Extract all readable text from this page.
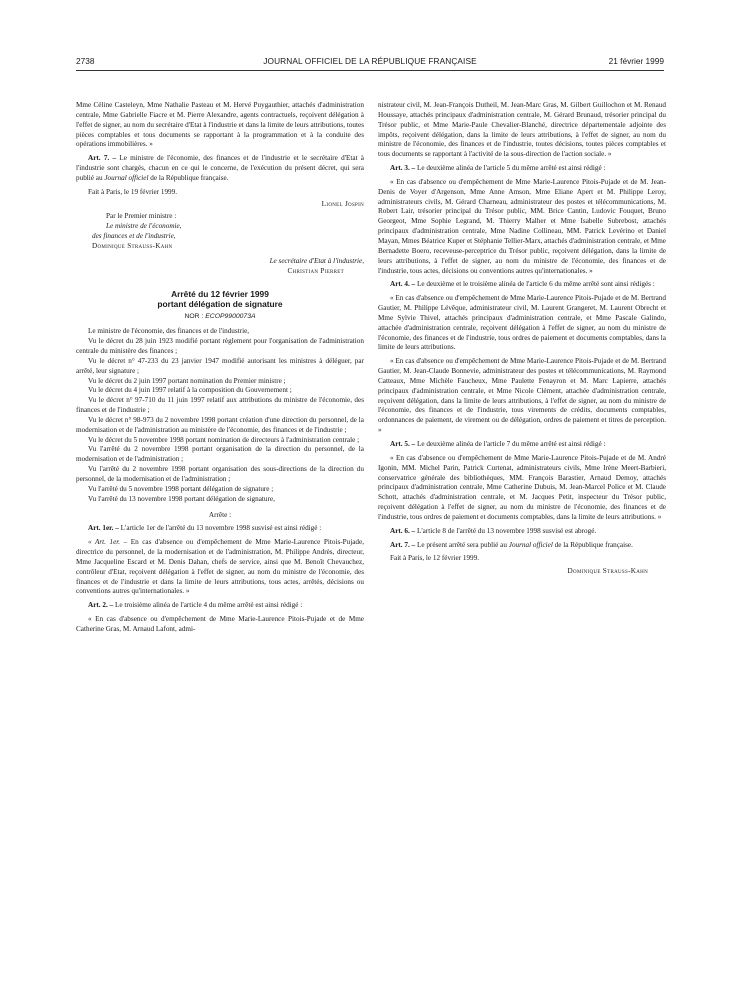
2738	JOURNAL OFFICIEL DE LA RÉPUBLIQUE FRANÇAISE	21 février 1999

Mme Céline Casteleyn, Mme Nathalie Pasteau et M. Hervé Puygauthier, attachés d'administration centrale, Mme Gabrielle Fiacre et M. Pierre Alexandre, agents contractuels, reçoivent délégation à l'effet de signer, au nom du secrétaire d'Etat à l'industrie et dans la limite de leurs attributions, toutes pièces comptables et tous documents se rapportant à la programmation et à la conduite des opérations immobilières. »

Art. 7. – Le ministre de l'économie, des finances et de l'industrie et le secrétaire d'Etat à l'industrie sont chargés, chacun en ce qui le concerne, de l'exécution du présent décret, qui sera publié au Journal officiel de la République française.

Fait à Paris, le 19 février 1999.

Lionel Jospin

Par le Premier ministre :

Le ministre de l'économie,

des finances et de l'industrie,

Dominique Strauss-Kahn

Le secrétaire d'Etat à l'industrie,

Christian Pierret

Arrêté du 12 février 1999
portant délégation de signature
NOR : ECOP9900073A

Le ministre de l'économie, des finances et de l'industrie,

Vu le décret du 28 juin 1923 modifié portant règlement pour l'organisation de l'administration centrale du ministère des finances ;

Vu le décret n° 47-233 du 23 janvier 1947 modifié autorisant les ministres à déléguer, par arrêté, leur signature ;

Vu le décret du 2 juin 1997 portant nomination du Premier ministre ;

Vu le décret du 4 juin 1997 relatif à la composition du Gouvernement ;

Vu le décret n° 97-710 du 11 juin 1997 relatif aux attributions du ministre de l'économie, des finances et de l'industrie ;

Vu le décret n° 98-973 du 2 novembre 1998 portant création d'une direction du personnel, de la modernisation et de l'administration au ministère de l'économie, des finances et de l'industrie ;

Vu le décret du 5 novembre 1998 portant nomination de directeurs à l'administration centrale ;

Vu l'arrêté du 2 novembre 1998 portant organisation de la direction du personnel, de la modernisation et de l'administration ;

Vu l'arrêté du 2 novembre 1998 portant organisation des sous-directions de la direction du personnel, de la modernisation et de l'administration ;

Vu l'arrêté du 5 novembre 1998 portant délégation de signature ;

Vu l'arrêté du 13 novembre 1998 portant délégation de signature,

Arrête :

Art. 1er. – L'article 1er de l'arrêté du 13 novembre 1998 susvisé est ainsi rédigé :

« Art. 1er. – En cas d'absence ou d'empêchement de Mme Marie-Laurence Pitois-Pujade, directrice du personnel, de la modernisation et de l'administration, M. Philippe Andrès, directeur, Mme Jacqueline Escard et M. Denis Dahan, chefs de service, ainsi que M. Benoît Chevauchez, contrôleur d'Etat, reçoivent délégation à l'effet de signer, au nom du ministre de l'économie, des finances et de l'industrie et dans la limite de leurs attributions, tous actes, arrêtés, décisions ou conventions autres qu'internationales. »

Art. 2. – Le troisième alinéa de l'article 4 du même arrêté est ainsi rédigé :

« En cas d'absence ou d'empêchement de Mme Marie-Laurence Pitois-Pujade et de Mme Catherine Gras, M. Arnaud Lafont, admi-

nistrateur civil, M. Jean-François Dutheil, M. Jean-Marc Gras, M. Gilbert Guillochon et M. Renaud Houssaye, attachés principaux d'administration centrale, M. Gérard Brunaud, trésorier principal du Trésor public, et Mme Marie-Paule Chevalier-Blanché, directrice départementale adjointe des impôts, reçoivent délégation, dans la limite de leurs attributions, à l'effet de signer, au nom du ministre de l'économie, des finances et de l'industrie, toutes décisions, toutes pièces comptables et tous documents se rapportant à l'activité de la sous-direction de l'action sociale. »

Art. 3. – Le deuxième alinéa de l'article 5 du même arrêté est ainsi rédigé :

« En cas d'absence ou d'empêchement de Mme Marie-Laurence Pitois-Pujade et de M. Jean-Denis de Voyer d'Argenson, Mme Anne Amson, Mme Eliane Apert et M. Philippe Leroy, administrateurs civils, M. Gérard Charneau, administrateur des postes et télécommunications, M. Robert Lair, trésorier principal du Trésor public, MM. Brice Cantin, Ludovic Fouquet, Bruno Georgeot, Mme Sophie Legrand, M. Thierry Malher et Mme Isabelle Subrebost, attachés principaux d'administration centrale, Mme Nadine Collineau, MM. Patrick Levérino et Daniel Mayan, Mmes Béatrice Kuper et Stéphanie Tellier-Marx, attachés d'administration centrale, et Mme Bernadette Boero, receveuse-perceptrice du Trésor public, reçoivent délégation, dans la limite de leurs attributions, à l'effet de signer, au nom du ministre de l'économie, des finances et de l'industrie, tous actes, décisions ou conventions autres qu'internationales. »

Art. 4. – Le deuxième et le troisième alinéa de l'article 6 du même arrêté sont ainsi rédigés :

« En cas d'absence ou d'empêchement de Mme Marie-Laurence Pitois-Pujade et de M. Bertrand Gautier, M. Philippe Lévêque, administrateur civil, M. Laurent Grangeret, M. Laurent Obrecht et Mme Sylvie Thivel, attachés principaux d'administration centrale, et Mme Pascale Galindo, attachée d'administration centrale, reçoivent délégation à l'effet de signer, au nom du ministre de l'économie, des finances et de l'industrie, tous ordres de paiement et documents comptables, dans la limite de leurs attributions.

« En cas d'absence ou d'empêchement de Mme Marie-Laurence Pitois-Pujade et de M. Bertrand Gautier, M. Jean-Claude Bonnevie, administrateur des postes et télécommunications, M. Raymond Catteaux, Mme Michèle Faucheux, Mme Paulette Fenayron et M. Marc Lapierre, attachés principaux d'administration centrale, et Mme Nicole Clément, attachée d'administration centrale, reçoivent délégation, dans la limite de leurs attributions, à l'effet de signer, au nom du ministre de l'économie, des finances et de l'industrie, tous virements de crédits, documents comptables, ordonnances de paiement, de virement ou de délégation, ordres de paiement et titres de perception. »

Art. 5. – Le deuxième alinéa de l'article 7 du même arrêté est ainsi rédigé :

« En cas d'absence ou d'empêchement de Mme Marie-Laurence Pitois-Pujade et de M. André Igonin, MM. Michel Parin, Patrick Curtenat, administrateurs civils, Mme Irène Meert-Barbieri, conservatrice générale des bibliothèques, MM. François Barastier, Arnaud Demoy, attachés principaux d'administration centrale, Mme Catherine Dubuis, M. Jean-Marcel Police et M. Claude Schott, attachés d'administration centrale, et M. Jacques Petit, inspecteur du Trésor public, reçoivent délégation à l'effet de signer, au nom du ministre de l'économie, des finances et de l'industrie, tous ordres de paiement et documents comptables, dans la limite de leurs attributions. »

Art. 6. – L'article 8 de l'arrêté du 13 novembre 1998 susvisé est abrogé.

Art. 7. – Le présent arrêté sera publié au Journal officiel de la République française.

Fait à Paris, le 12 février 1999.

Dominique Strauss-Kahn
